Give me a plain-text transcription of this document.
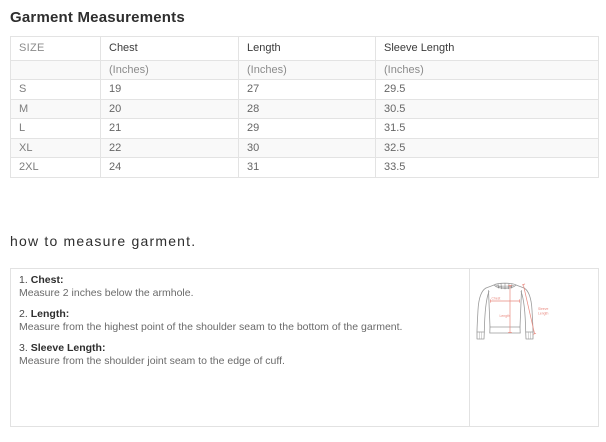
Garment Measurements
SIZE	Chest	Length	Sleeve Length
	(Inches)	(Inches)	(Inches)
S	19	27	29.5
M	20	28	30.5
L	21	29	31.5
XL	22	30	32.5
2XL	24	31	33.5
how to measure garment.
1. Chest:
Measure 2 inches below the armhole.
2. Length:
Measure from the highest point of the shoulder seam to the bottom of the garment.
3. Sleeve Length:
Measure from the shoulder joint seam to the edge of cuff.
Chest
Length
Sleeve
Length
